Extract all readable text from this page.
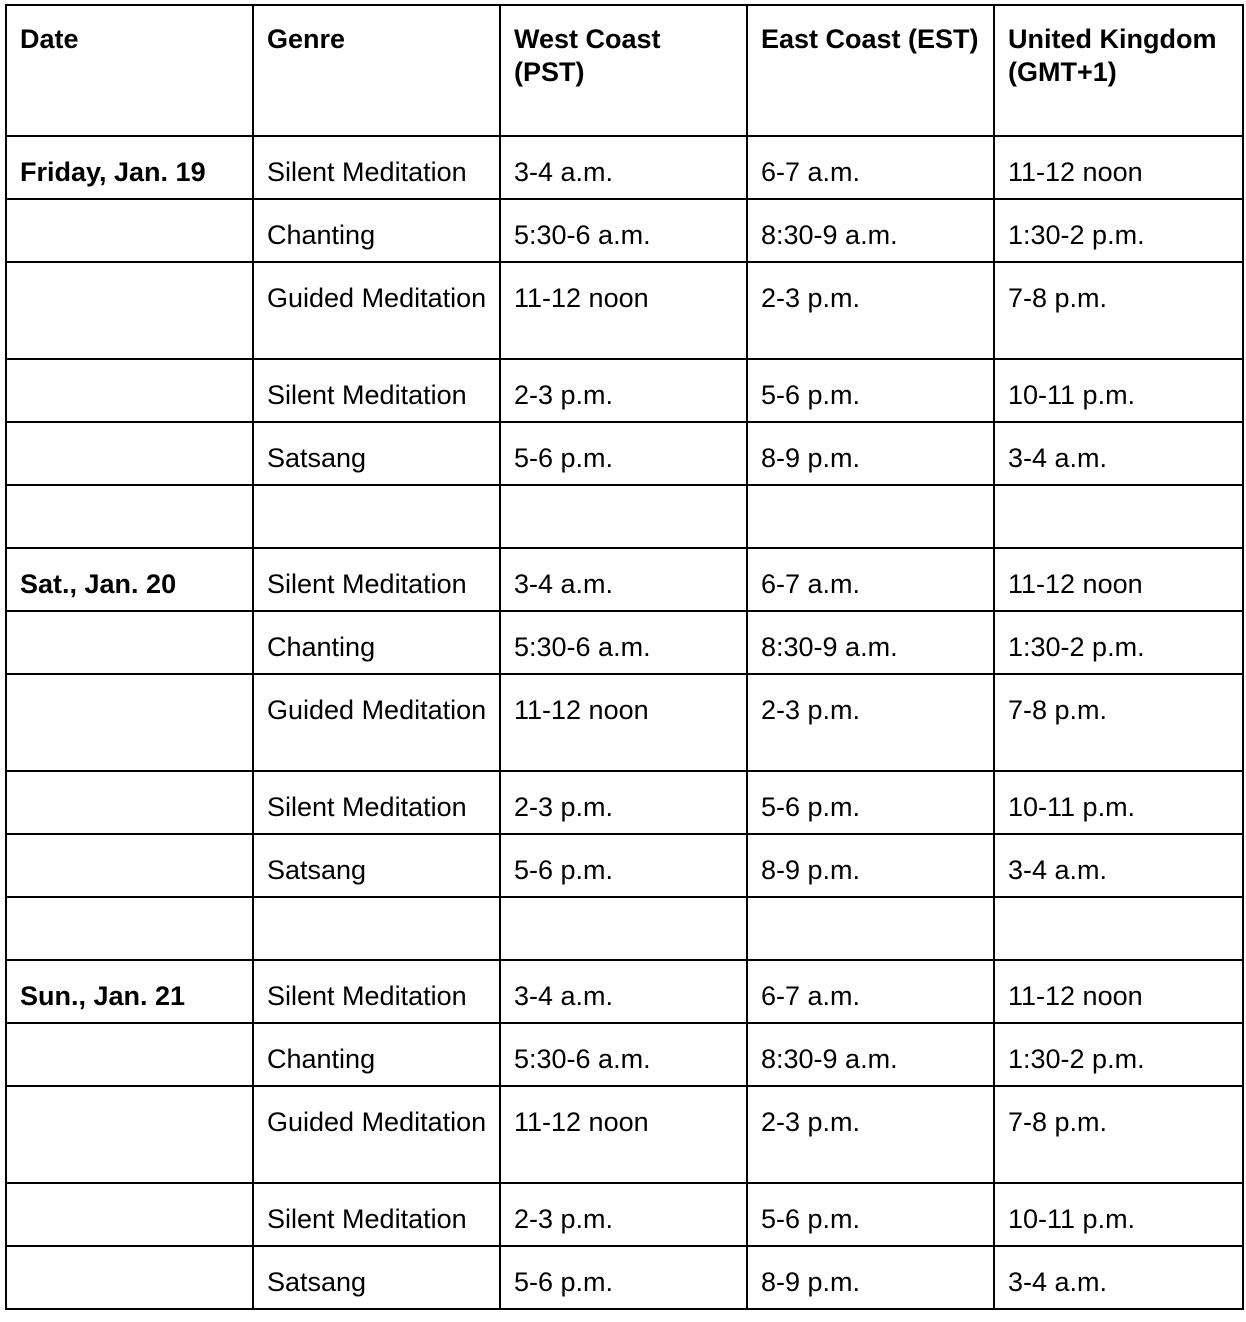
Date	Genre	West Coast (PST)	East Coast (EST)	United Kingdom (GMT+1)
Friday, Jan. 19	Silent Meditation	3-4 a.m.	6-7 a.m.	11-12 noon
	Chanting	5:30-6 a.m.	8:30-9 a.m.	1:30-2 p.m.
	Guided Meditation	11-12 noon	2-3 p.m.	7-8 p.m.
	Silent Meditation	2-3 p.m.	5-6 p.m.	10-11 p.m.
	Satsang	5-6 p.m.	8-9 p.m.	3-4 a.m.

Sat., Jan. 20	Silent Meditation	3-4 a.m.	6-7 a.m.	11-12 noon
	Chanting	5:30-6 a.m.	8:30-9 a.m.	1:30-2 p.m.
	Guided Meditation	11-12 noon	2-3 p.m.	7-8 p.m.
	Silent Meditation	2-3 p.m.	5-6 p.m.	10-11 p.m.
	Satsang	5-6 p.m.	8-9 p.m.	3-4 a.m.

Sun., Jan. 21	Silent Meditation	3-4 a.m.	6-7 a.m.	11-12 noon
	Chanting	5:30-6 a.m.	8:30-9 a.m.	1:30-2 p.m.
	Guided Meditation	11-12 noon	2-3 p.m.	7-8 p.m.
	Silent Meditation	2-3 p.m.	5-6 p.m.	10-11 p.m.
	Satsang	5-6 p.m.	8-9 p.m.	3-4 a.m.
